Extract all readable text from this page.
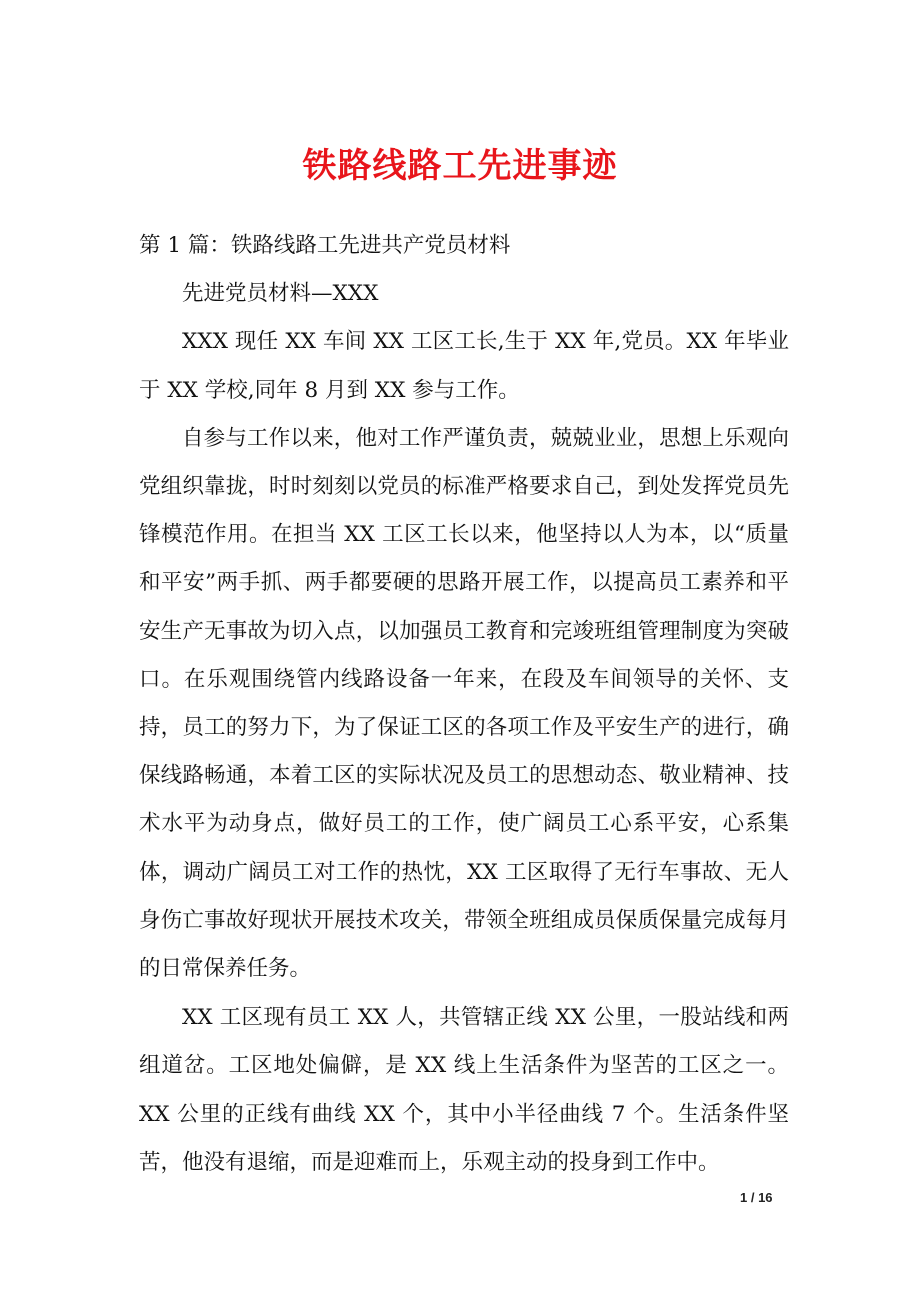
铁路线路工先进事迹

第 1 篇：铁路线路工先进共产党员材料

先进党员材料—XXX

XXX 现任 XX 车间 XX 工区工长,生于 XX 年,党员。XX 年毕业于 XX 学校,同年 8 月到 XX 参与工作。

自参与工作以来，他对工作严谨负责，兢兢业业，思想上乐观向党组织靠拢，时时刻刻以党员的标准严格要求自己，到处发挥党员先锋模范作用。在担当 XX 工区工长以来，他坚持以人为本，以“质量和平安”两手抓、两手都要硬的思路开展工作，以提高员工素养和平安生产无事故为切入点，以加强员工教育和完竣班组管理制度为突破口。在乐观围绕管内线路设备一年来，在段及车间领导的关怀、支持，员工的努力下，为了保证工区的各项工作及平安生产的进行，确保线路畅通，本着工区的实际状况及员工的思想动态、敬业精神、技术水平为动身点，做好员工的工作，使广阔员工心系平安，心系集体，调动广阔员工对工作的热忱，XX 工区取得了无行车事故、无人身伤亡事故好现状开展技术攻关，带领全班组成员保质保量完成每月的日常保养任务。

XX 工区现有员工 XX 人，共管辖正线 XX 公里，一股站线和两组道岔。工区地处偏僻，是 XX 线上生活条件为坚苦的工区之一。XX 公里的正线有曲线 XX 个，其中小半径曲线 7 个。生活条件坚苦，他没有退缩，而是迎难而上，乐观主动的投身到工作中。

1 / 16
